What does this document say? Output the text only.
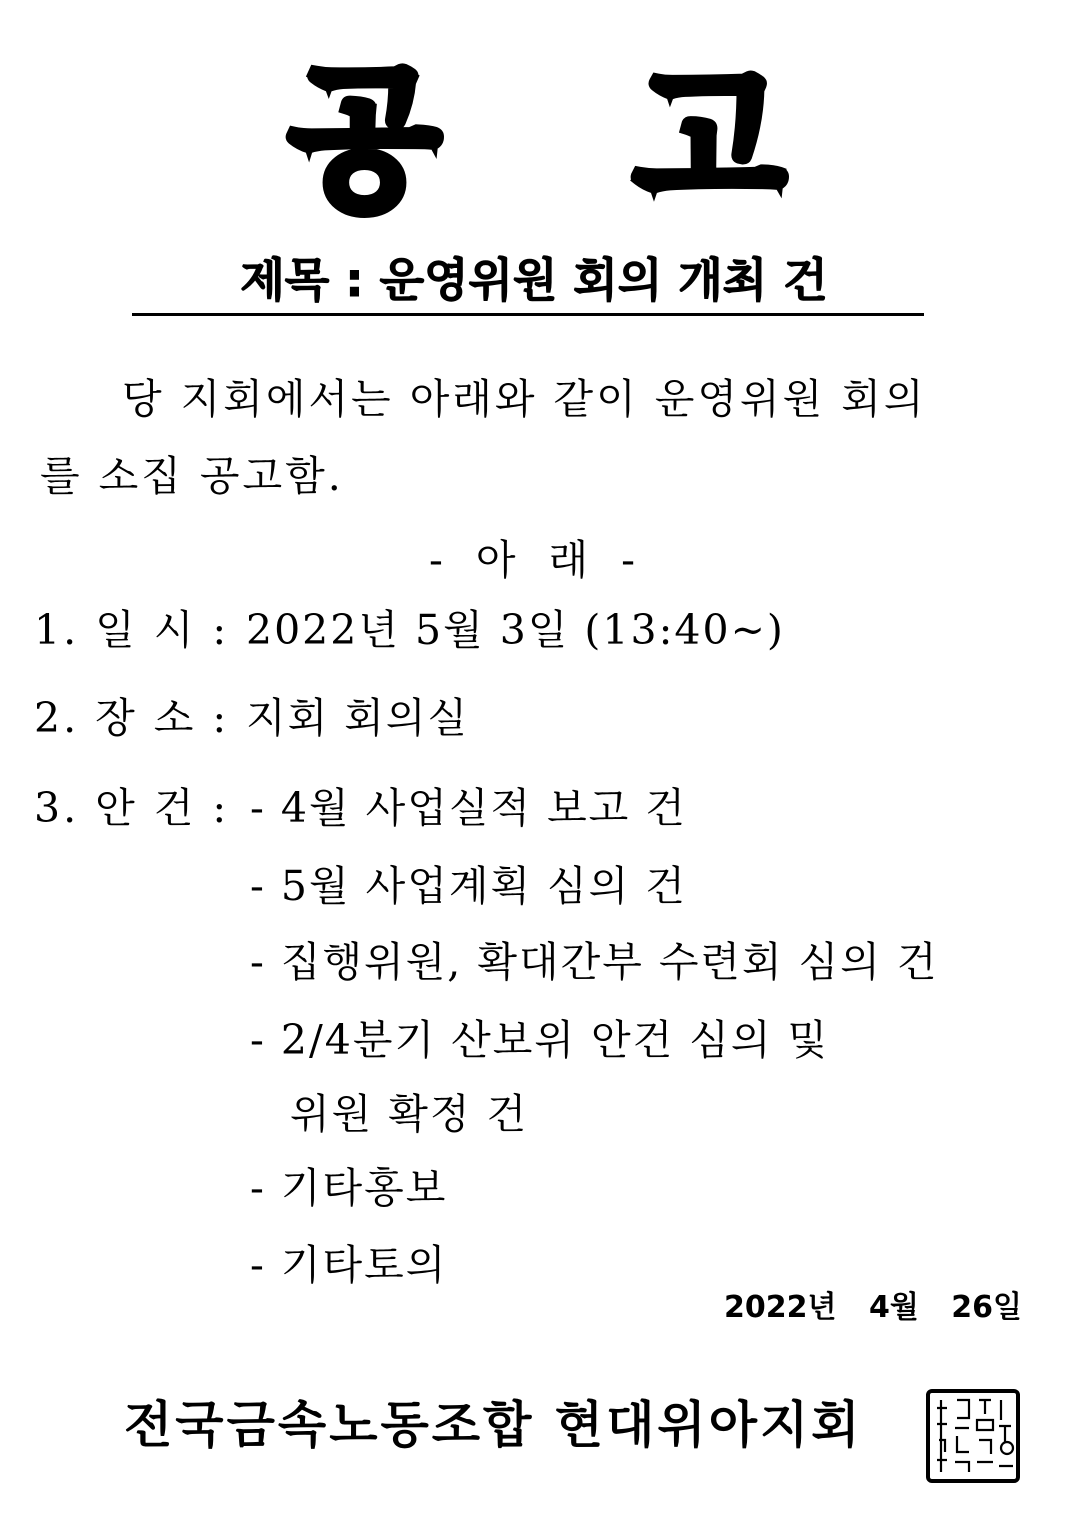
공 고
제목 : 운영위원 회의 개최 건
당 지회에서는 아래와 같이 운영위원 회의
를 소집 공고함.
- 아 래 -
1. 일 시 : 2022년 5월 3일 (13:40~)
2. 장 소 : 지회 회의실
3. 안 건 : - 4월 사업실적 보고 건
- 5월 사업계획 심의 건
- 집행위원, 확대간부 수련회 심의 건
- 2/4분기 산보위 안건 심의 및
위원 확정 건
- 기타홍보
- 기타토의
2022년 4월 26일
전국금속노동조합 현대위아지회
